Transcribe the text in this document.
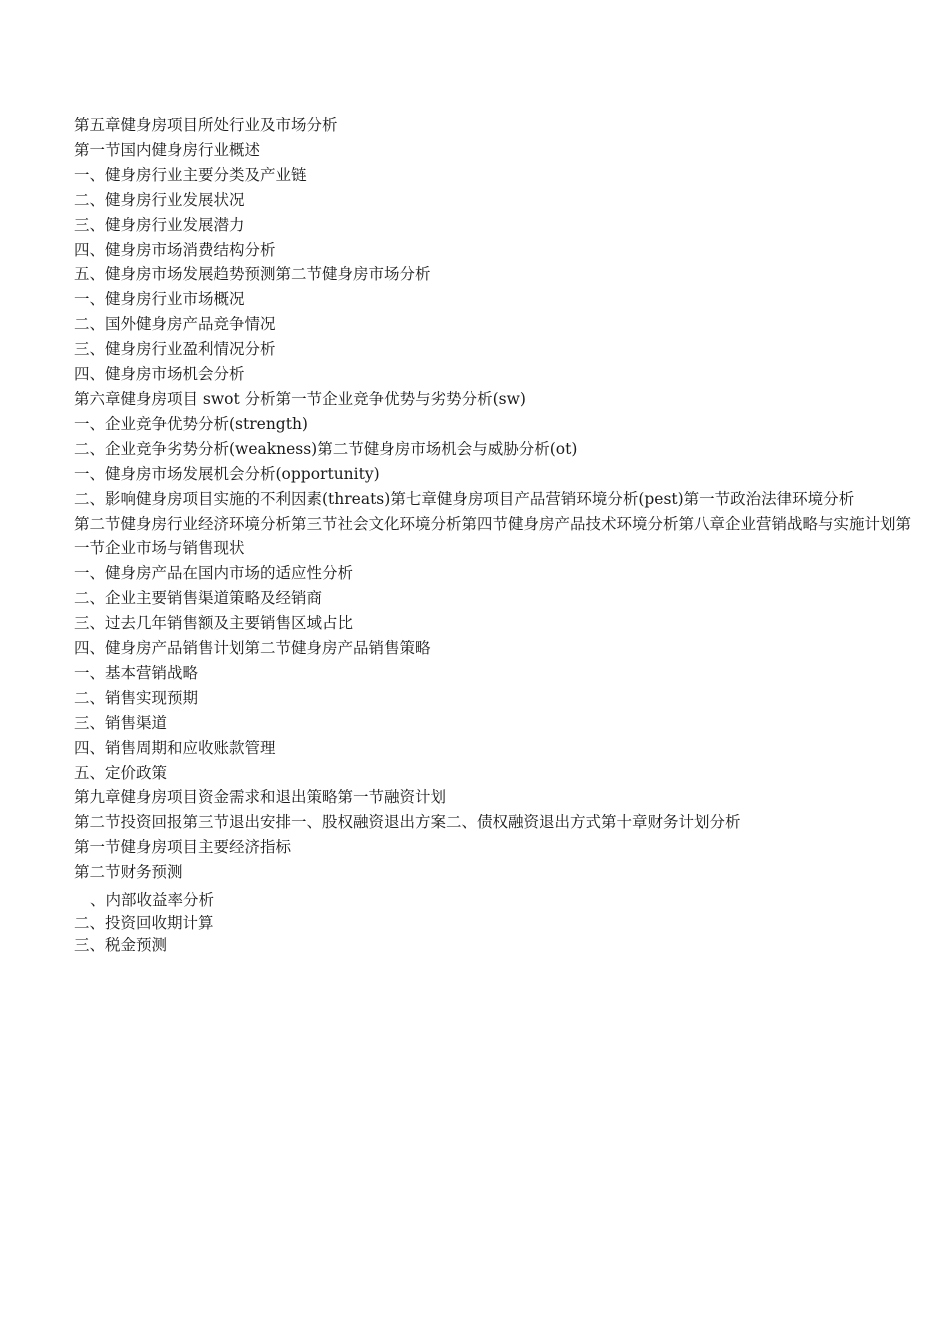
第五章健身房项目所处行业及市场分析
第一节国内健身房行业概述
一、健身房行业主要分类及产业链
二、健身房行业发展状况
三、健身房行业发展潜力
四、健身房市场消费结构分析
五、健身房市场发展趋势预测第二节健身房市场分析
一、健身房行业市场概况
二、国外健身房产品竞争情况
三、健身房行业盈利情况分析
四、健身房市场机会分析
第六章健身房项目 swot 分析第一节企业竞争优势与劣势分析(sw)
一、企业竞争优势分析(strength)
二、企业竞争劣势分析(weakness)第二节健身房市场机会与威胁分析(ot)
一、健身房市场发展机会分析(opportunity)
二、影响健身房项目实施的不利因素(threats)第七章健身房项目产品营销环境分析(pest)第一节政治法律环境分析
第二节健身房行业经济环境分析第三节社会文化环境分析第四节健身房产品技术环境分析第八章企业营销战略与实施计划第一节企业市场与销售现状
一、健身房产品在国内市场的适应性分析
二、企业主要销售渠道策略及经销商
三、过去几年销售额及主要销售区域占比
四、健身房产品销售计划第二节健身房产品销售策略
一、基本营销战略
二、销售实现预期
三、销售渠道
四、销售周期和应收账款管理
五、定价政策
第九章健身房项目资金需求和退出策略第一节融资计划
第二节投资回报第三节退出安排一、股权融资退出方案二、债权融资退出方式第十章财务计划分析
第一节健身房项目主要经济指标
第二节财务预测
、内部收益率分析
二、投资回收期计算
三、税金预测
